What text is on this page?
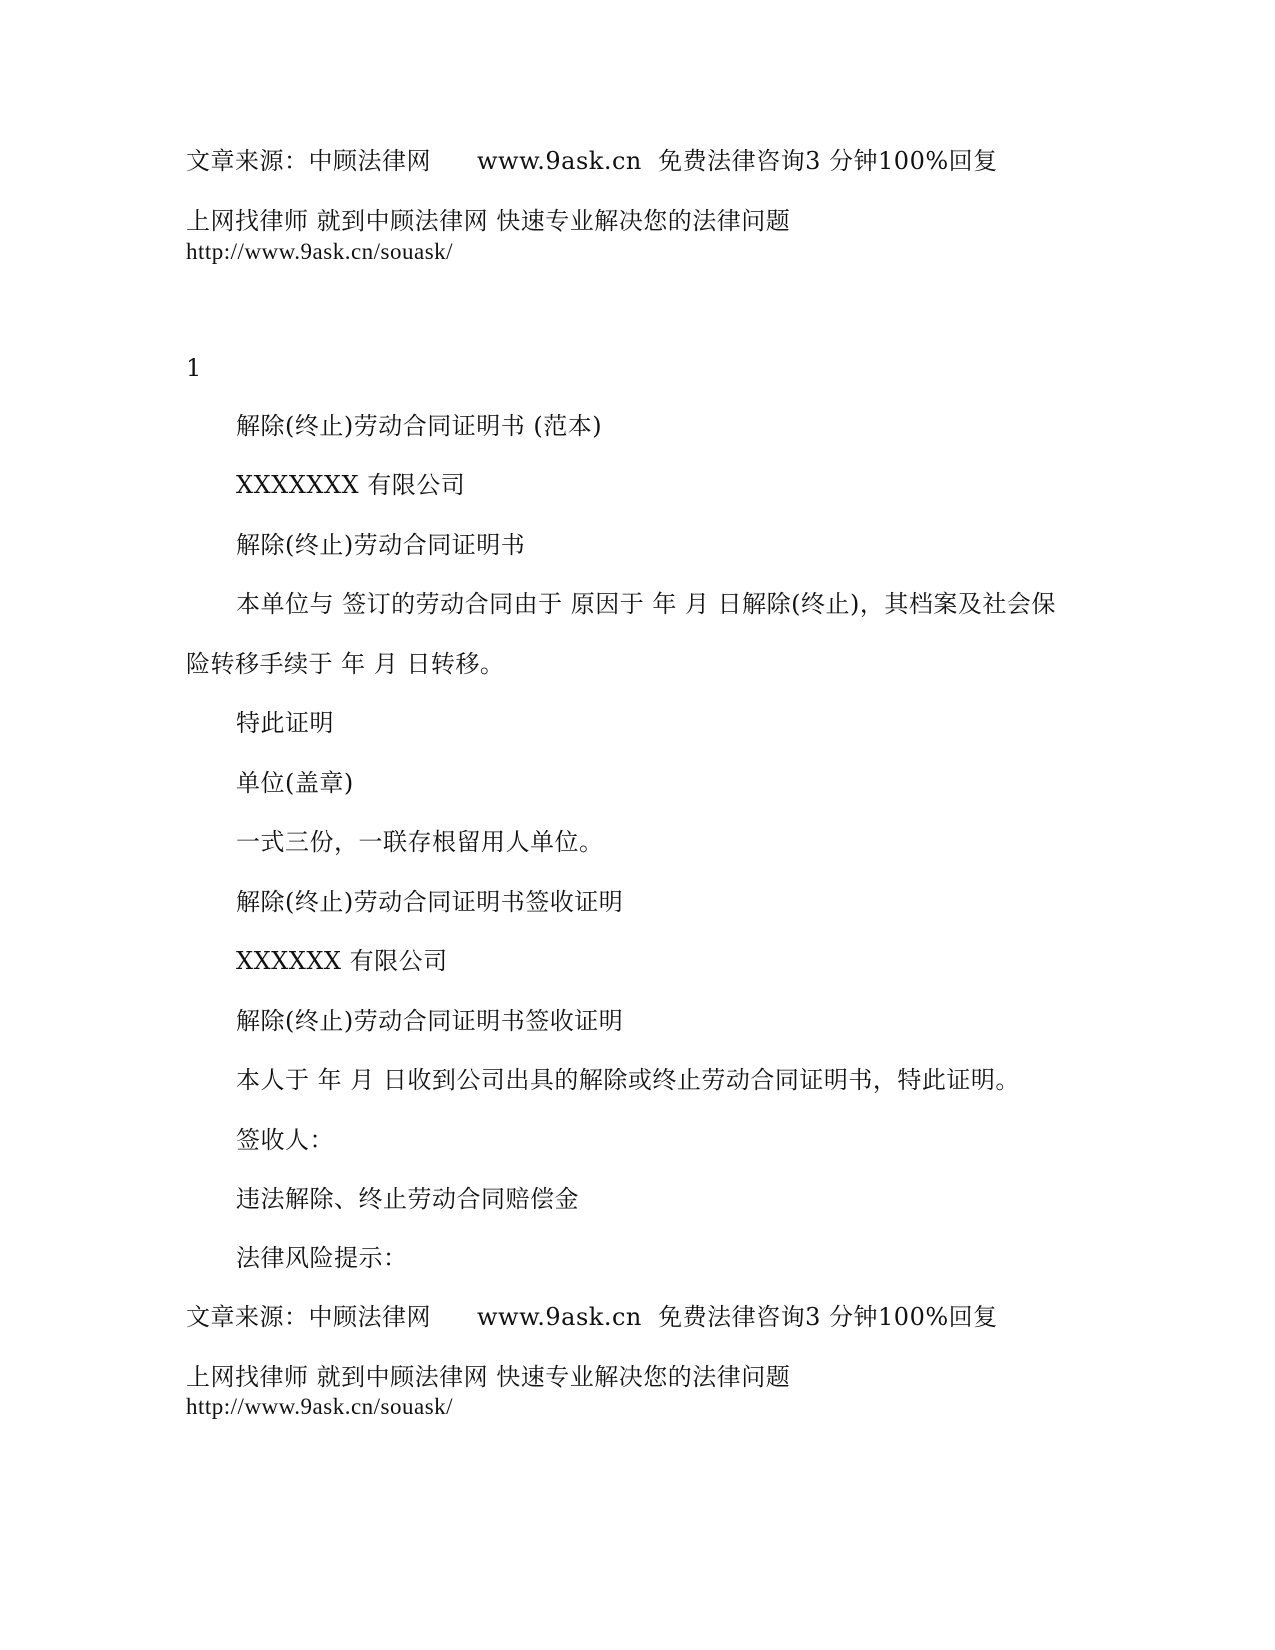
文章来源：中顾法律网 www.9ask.cn 免费法律咨询3 分钟100%回复
上网找律师 就到中顾法律网 快速专业解决您的法律问题
http://www.9ask.cn/souask/
1
解除(终止)劳动合同证明书 (范本)
XXXXXXX 有限公司
解除(终止)劳动合同证明书
本单位与 签订的劳动合同由于 原因于 年 月 日解除(终止)，其档案及社会保
险转移手续于 年 月 日转移。
特此证明
单位(盖章)
一式三份，一联存根留用人单位。
解除(终止)劳动合同证明书签收证明
XXXXXX 有限公司
解除(终止)劳动合同证明书签收证明
本人于 年 月 日收到公司出具的解除或终止劳动合同证明书，特此证明。
签收人：
违法解除、终止劳动合同赔偿金
法律风险提示：
文章来源：中顾法律网 www.9ask.cn 免费法律咨询3 分钟100%回复
上网找律师 就到中顾法律网 快速专业解决您的法律问题
http://www.9ask.cn/souask/
